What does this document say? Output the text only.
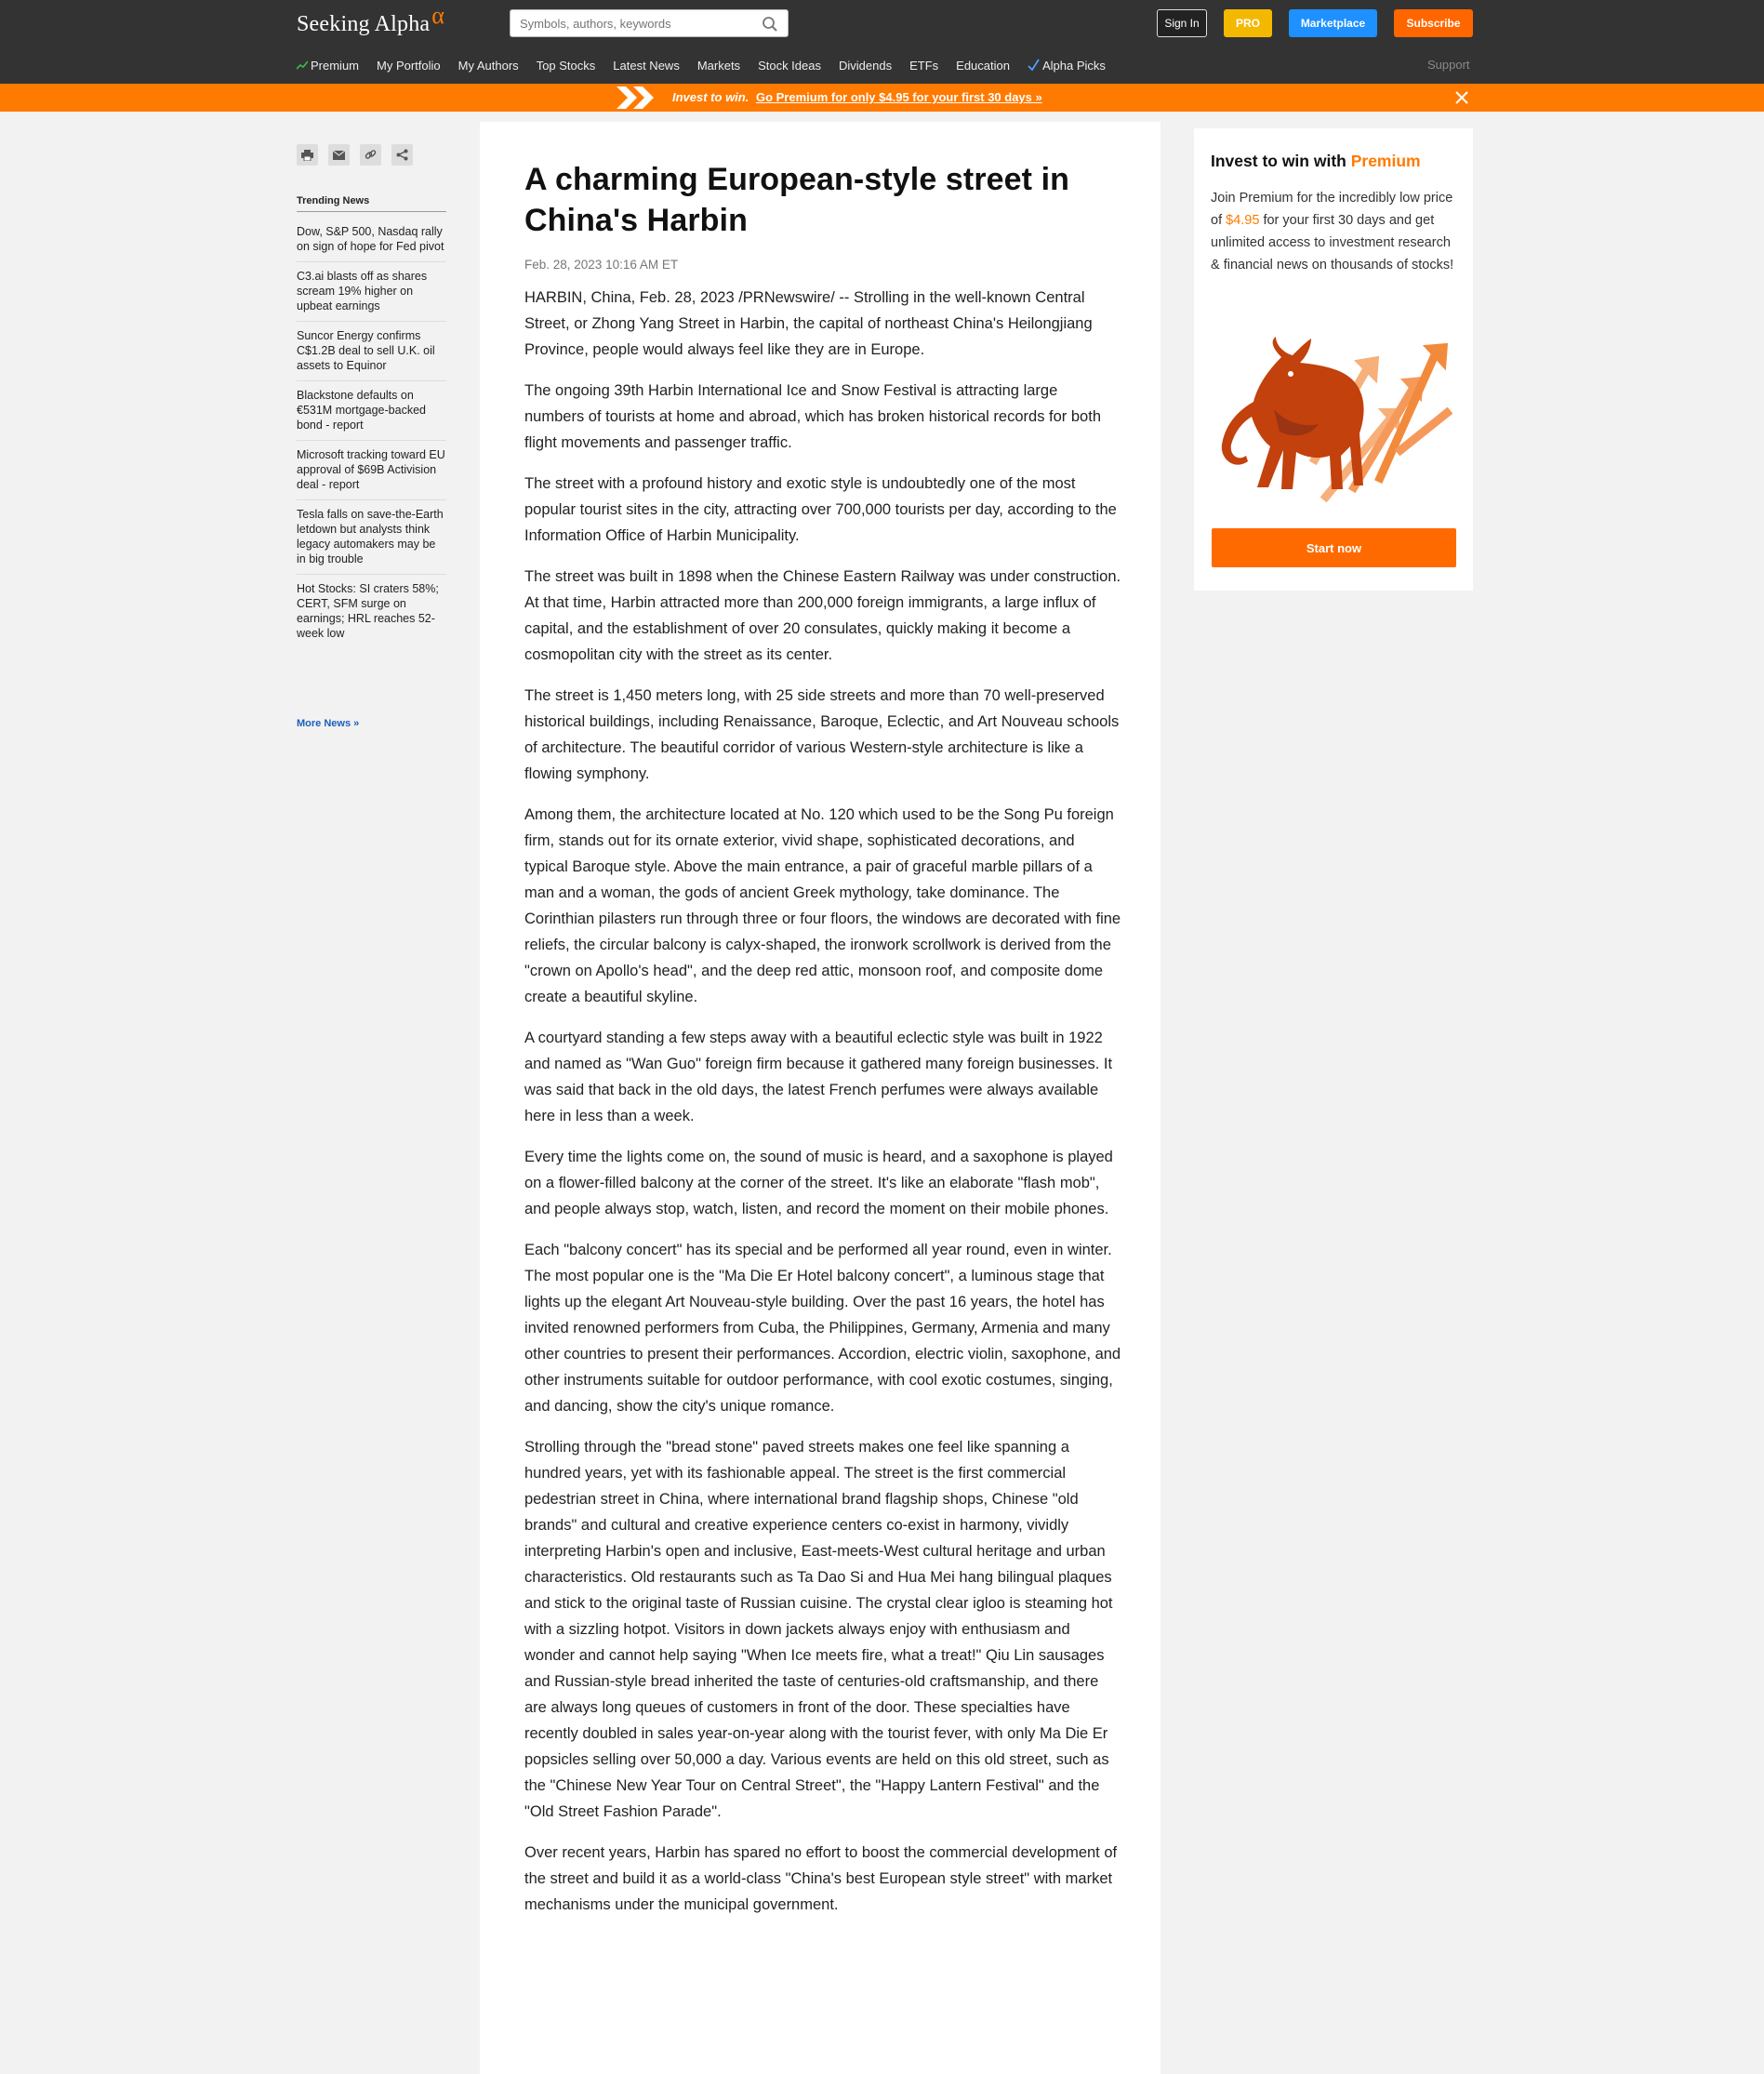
Seeking Alphaα
Symbols, authors, keywords	Sign In	PRO	Marketplace	Subscribe
Premium My Portfolio My Authors Top Stocks Latest News Markets Stock Ideas Dividends ETFs Education	Alpha Picks	Support
Invest to win. Go Premium for only $4.95 for your first 30 days »
Trending News
Dow, S&P 500, Nasdaq rally on sign of hope for Fed pivot
C3.ai blasts off as shares scream 19% higher on upbeat earnings
Suncor Energy confirms C$1.2B deal to sell U.K. oil assets to Equinor
Blackstone defaults on €531M mortgage-backed bond - report
Microsoft tracking toward EU approval of $69B Activision deal - report
Tesla falls on save-the-Earth letdown but analysts think legacy automakers may be in big trouble
Hot Stocks: SI craters 58%; CERT, SFM surge on earnings; HRL reaches 52-week low
More News »
A charming European-style street in China's Harbin
Feb. 28, 2023 10:16 AM ET

HARBIN, China, Feb. 28, 2023 /PRNewswire/ -- Strolling in the well-known Central Street, or Zhong Yang Street in Harbin, the capital of northeast China's Heilongjiang Province, people would always feel like they are in Europe.

The ongoing 39th Harbin International Ice and Snow Festival is attracting large numbers of tourists at home and abroad, which has broken historical records for both flight movements and passenger traffic.

The street with a profound history and exotic style is undoubtedly one of the most popular tourist sites in the city, attracting over 700,000 tourists per day, according to the Information Office of Harbin Municipality.

The street was built in 1898 when the Chinese Eastern Railway was under construction. At that time, Harbin attracted more than 200,000 foreign immigrants, a large influx of capital, and the establishment of over 20 consulates, quickly making it become a cosmopolitan city with the street as its center.

The street is 1,450 meters long, with 25 side streets and more than 70 well-preserved historical buildings, including Renaissance, Baroque, Eclectic, and Art Nouveau schools of architecture. The beautiful corridor of various Western-style architecture is like a flowing symphony.

Among them, the architecture located at No. 120 which used to be the Song Pu foreign firm, stands out for its ornate exterior, vivid shape, sophisticated decorations, and typical Baroque style. Above the main entrance, a pair of graceful marble pillars of a man and a woman, the gods of ancient Greek mythology, take dominance. The Corinthian pilasters run through three or four floors, the windows are decorated with fine reliefs, the circular balcony is calyx-shaped, the ironwork scrollwork is derived from the "crown on Apollo's head", and the deep red attic, monsoon roof, and composite dome create a beautiful skyline.

A courtyard standing a few steps away with a beautiful eclectic style was built in 1922 and named as "Wan Guo" foreign firm because it gathered many foreign businesses. It was said that back in the old days, the latest French perfumes were always available here in less than a week.

Every time the lights come on, the sound of music is heard, and a saxophone is played on a flower-filled balcony at the corner of the street. It's like an elaborate "flash mob", and people always stop, watch, listen, and record the moment on their mobile phones.

Each "balcony concert" has its special and be performed all year round, even in winter. The most popular one is the "Ma Die Er Hotel balcony concert", a luminous stage that lights up the elegant Art Nouveau-style building. Over the past 16 years, the hotel has invited renowned performers from Cuba, the Philippines, Germany, Armenia and many other countries to present their performances. Accordion, electric violin, saxophone, and other instruments suitable for outdoor performance, with cool exotic costumes, singing, and dancing, show the city's unique romance.

Strolling through the "bread stone" paved streets makes one feel like spanning a hundred years, yet with its fashionable appeal. The street is the first commercial pedestrian street in China, where international brand flagship shops, Chinese "old brands" and cultural and creative experience centers co-exist in harmony, vividly interpreting Harbin's open and inclusive, East-meets-West cultural heritage and urban characteristics. Old restaurants such as Ta Dao Si and Hua Mei hang bilingual plaques and stick to the original taste of Russian cuisine. The crystal clear igloo is steaming hot with a sizzling hotpot. Visitors in down jackets always enjoy with enthusiasm and wonder and cannot help saying "When Ice meets fire, what a treat!" Qiu Lin sausages and Russian-style bread inherited the taste of centuries-old craftsmanship, and there are always long queues of customers in front of the door. These specialties have recently doubled in sales year-on-year along with the tourist fever, with only Ma Die Er popsicles selling over 50,000 a day. Various events are held on this old street, such as the "Chinese New Year Tour on Central Street", the "Happy Lantern Festival" and the "Old Street Fashion Parade".

Over recent years, Harbin has spared no effort to boost the commercial development of the street and build it as a world-class "China's best European style street" with market mechanisms under the municipal government.

Invest to win with Premium
Join Premium for the incredibly low price of $4.95 for your first 30 days and get unlimited access to investment research & financial news on thousands of stocks!
Start now
